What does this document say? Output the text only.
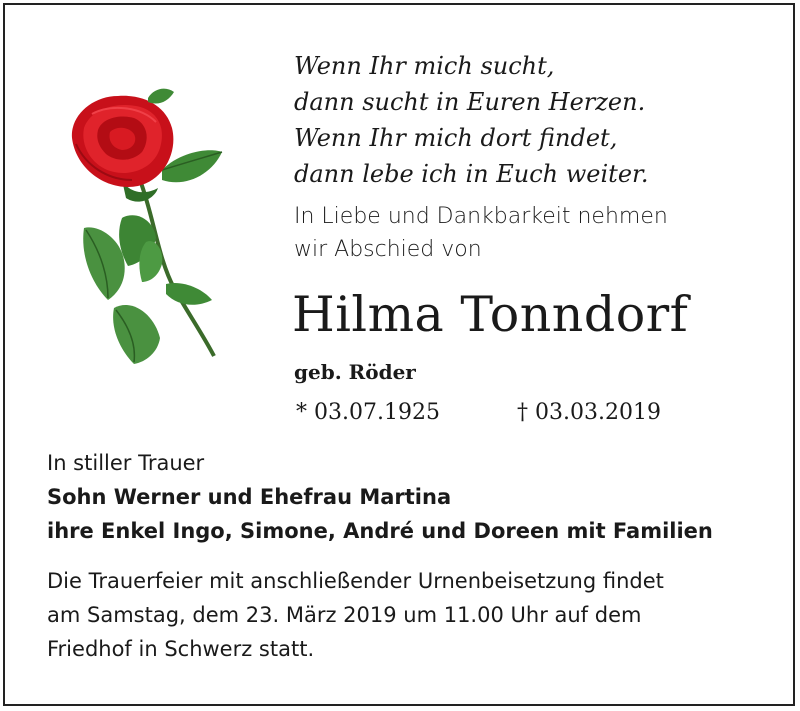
Wenn Ihr mich sucht,
dann sucht in Euren Herzen.
Wenn Ihr mich dort findet,
dann lebe ich in Euch weiter.
In Liebe und Dankbarkeit nehmen
wir Abschied von
Hilma Tonndorf
geb. Röder
* 03.07.1925	† 03.03.2019
In stiller Trauer
Sohn Werner und Ehefrau Martina
ihre Enkel Ingo, Simone, André und Doreen mit Familien
Die Trauerfeier mit anschließender Urnenbeisetzung findet
am Samstag, dem 23. März 2019 um 11.00 Uhr auf dem
Friedhof in Schwerz statt.
